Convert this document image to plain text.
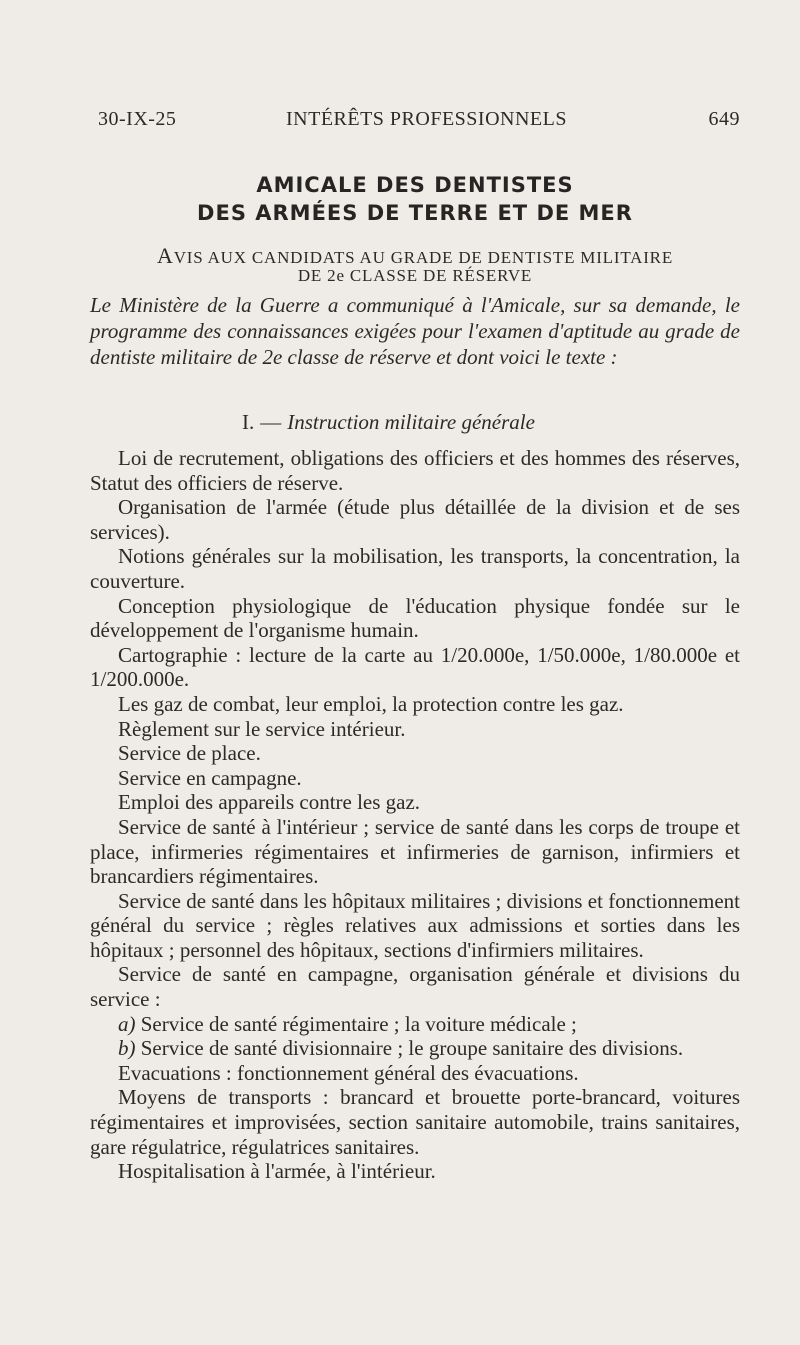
30-IX-25	INTÉRÊTS PROFESSIONNELS	649
AMICALE DES DENTISTES
DES ARMÉES DE TERRE ET DE MER
AVIS AUX CANDIDATS AU GRADE DE DENTISTE MILITAIRE
DE 2e CLASSE DE RÉSERVE
Le Ministère de la Guerre a communiqué à l'Amicale, sur sa demande, le programme des connaissances exigées pour l'examen d'aptitude au grade de dentiste militaire de 2e classe de réserve et dont voici le texte :
I. — Instruction militaire générale

Loi de recrutement, obligations des officiers et des hommes des réserves, Statut des officiers de réserve.

Organisation de l'armée (étude plus détaillée de la division et de ses services).

Notions générales sur la mobilisation, les transports, la concentration, la couverture.

Conception physiologique de l'éducation physique fondée sur le développement de l'organisme humain.

Cartographie : lecture de la carte au 1/20.000e, 1/50.000e, 1/80.000e et 1/200.000e.

Les gaz de combat, leur emploi, la protection contre les gaz.

Règlement sur le service intérieur.

Service de place.

Service en campagne.

Emploi des appareils contre les gaz.

Service de santé à l'intérieur ; service de santé dans les corps de troupe et place, infirmeries régimentaires et infirmeries de garnison, infirmiers et brancardiers régimentaires.

Service de santé dans les hôpitaux militaires ; divisions et fonctionnement général du service ; règles relatives aux admissions et sorties dans les hôpitaux ; personnel des hôpitaux, sections d'infirmiers militaires.

Service de santé en campagne, organisation générale et divisions du service :

a) Service de santé régimentaire ; la voiture médicale ;

b) Service de santé divisionnaire ; le groupe sanitaire des divisions.

Evacuations : fonctionnement général des évacuations.

Moyens de transports : brancard et brouette porte-brancard, voitures régimentaires et improvisées, section sanitaire automobile, trains sanitaires, gare régulatrice, régulatrices sanitaires.

Hospitalisation à l'armée, à l'intérieur.
